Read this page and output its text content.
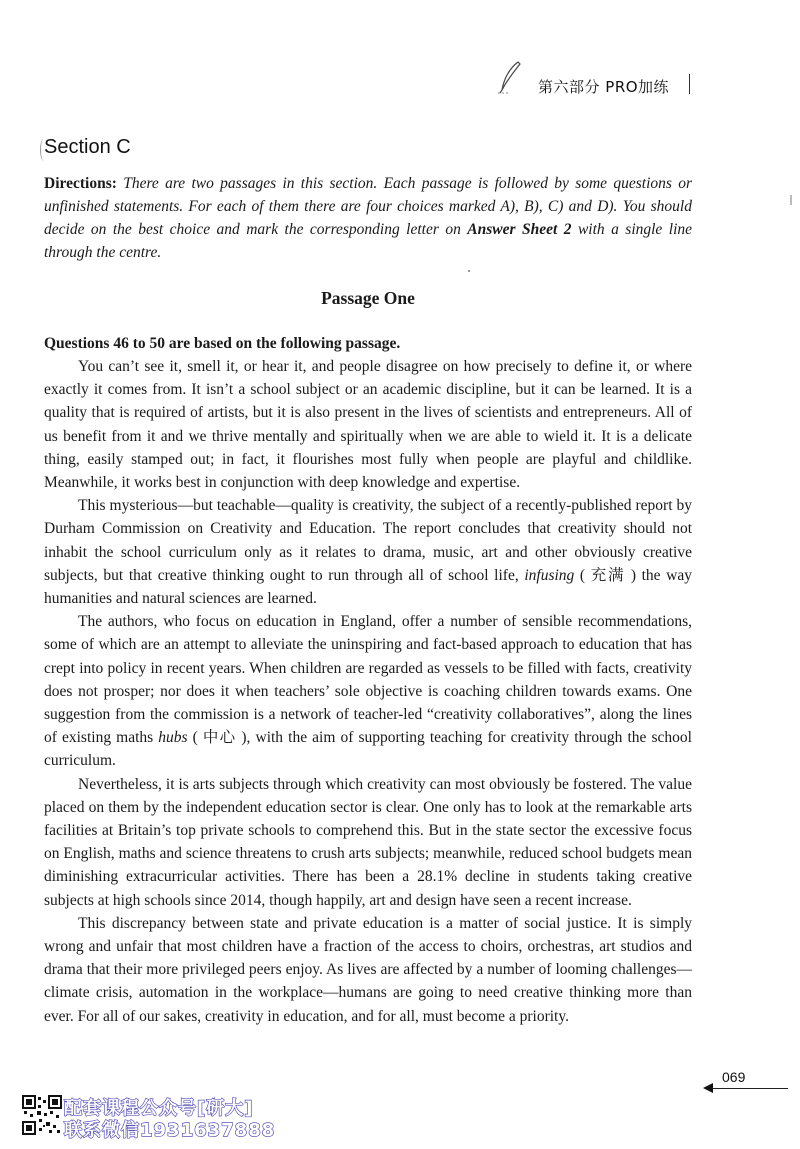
第六部分 PRO加练
Section C
Directions: There are two passages in this section. Each passage is followed by some questions or unfinished statements. For each of them there are four choices marked A), B), C) and D). You should decide on the best choice and mark the corresponding letter on Answer Sheet 2 with a single line through the centre.
Passage One
Questions 46 to 50 are based on the following passage.

You can’t see it, smell it, or hear it, and people disagree on how precisely to define it, or where exactly it comes from. It isn’t a school subject or an academic discipline, but it can be learned. It is a quality that is required of artists, but it is also present in the lives of scientists and entrepreneurs. All of us benefit from it and we thrive mentally and spiritually when we are able to wield it. It is a delicate thing, easily stamped out; in fact, it flourishes most fully when people are playful and childlike. Meanwhile, it works best in conjunction with deep knowledge and expertise.

This mysterious—but teachable—quality is creativity, the subject of a recently-published report by Durham Commission on Creativity and Education. The report concludes that creativity should not inhabit the school curriculum only as it relates to drama, music, art and other obviously creative subjects, but that creative thinking ought to run through all of school life, infusing ( 充满 ) the way humanities and natural sciences are learned.

The authors, who focus on education in England, offer a number of sensible recommendations, some of which are an attempt to alleviate the uninspiring and fact-based approach to education that has crept into policy in recent years. When children are regarded as vessels to be filled with facts, creativity does not prosper; nor does it when teachers’ sole objective is coaching children towards exams. One suggestion from the commission is a network of teacher-led “creativity collaboratives”, along the lines of existing maths hubs ( 中心 ), with the aim of supporting teaching for creativity through the school curriculum.

Nevertheless, it is arts subjects through which creativity can most obviously be fostered. The value placed on them by the independent education sector is clear. One only has to look at the remarkable arts facilities at Britain’s top private schools to comprehend this. But in the state sector the excessive focus on English, maths and science threatens to crush arts subjects; meanwhile, reduced school budgets mean diminishing extracurricular activities. There has been a 28.1% decline in students taking creative subjects at high schools since 2014, though happily, art and design have seen a recent increase.

This discrepancy between state and private education is a matter of social justice. It is simply wrong and unfair that most children have a fraction of the access to choirs, orchestras, art studios and drama that their more privileged peers enjoy. As lives are affected by a number of looming challenges—climate crisis, automation in the workplace—humans are going to need creative thinking more than ever. For all of our sakes, creativity in education, and for all, must become a priority.

069
配套课程公众号[研大]
联系微信1931637888
